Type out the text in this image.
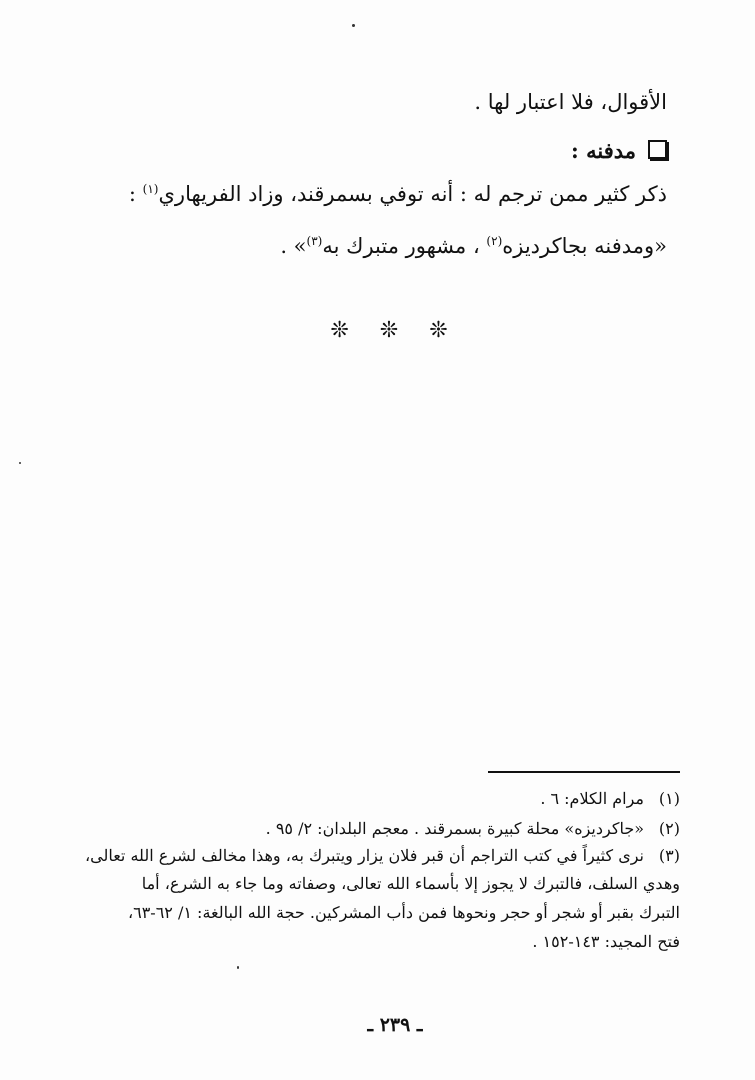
الأقوال، فلا اعتبار لها .
مدفنه :
ذكر كثير ممن ترجم له : أنه توفي بسمرقند، وزاد الفريهاري$^{(١)}$ :
«ومدفنه بجاكرديزه$^{(٢)}$ ، مشهور متبرك به$^{(٣)}$» .
❊ ❊ ❊
(١)مرام الكلام: ٦ .
(٢)«جاكرديزه» محلة كبيرة بسمرقند . معجم البلدان: ٢/ ٩٥ .
(٣)نرى كثيراً في كتب التراجم أن قبر فلان يزار ويتبرك به، وهذا مخالف لشرع الله تعالى،
وهدي السلف، فالتبرك لا يجوز إلا بأسماء الله تعالى، وصفاته وما جاء به الشرع، أما
التبرك بقبر أو شجر أو حجر ونحوها فمن دأب المشركين. حجة الله البالغة: ١/ ٦٢-٦٣،
فتح المجيد: ١٤٣-١٥٢ .
ـ ٢٣٩ ـ
